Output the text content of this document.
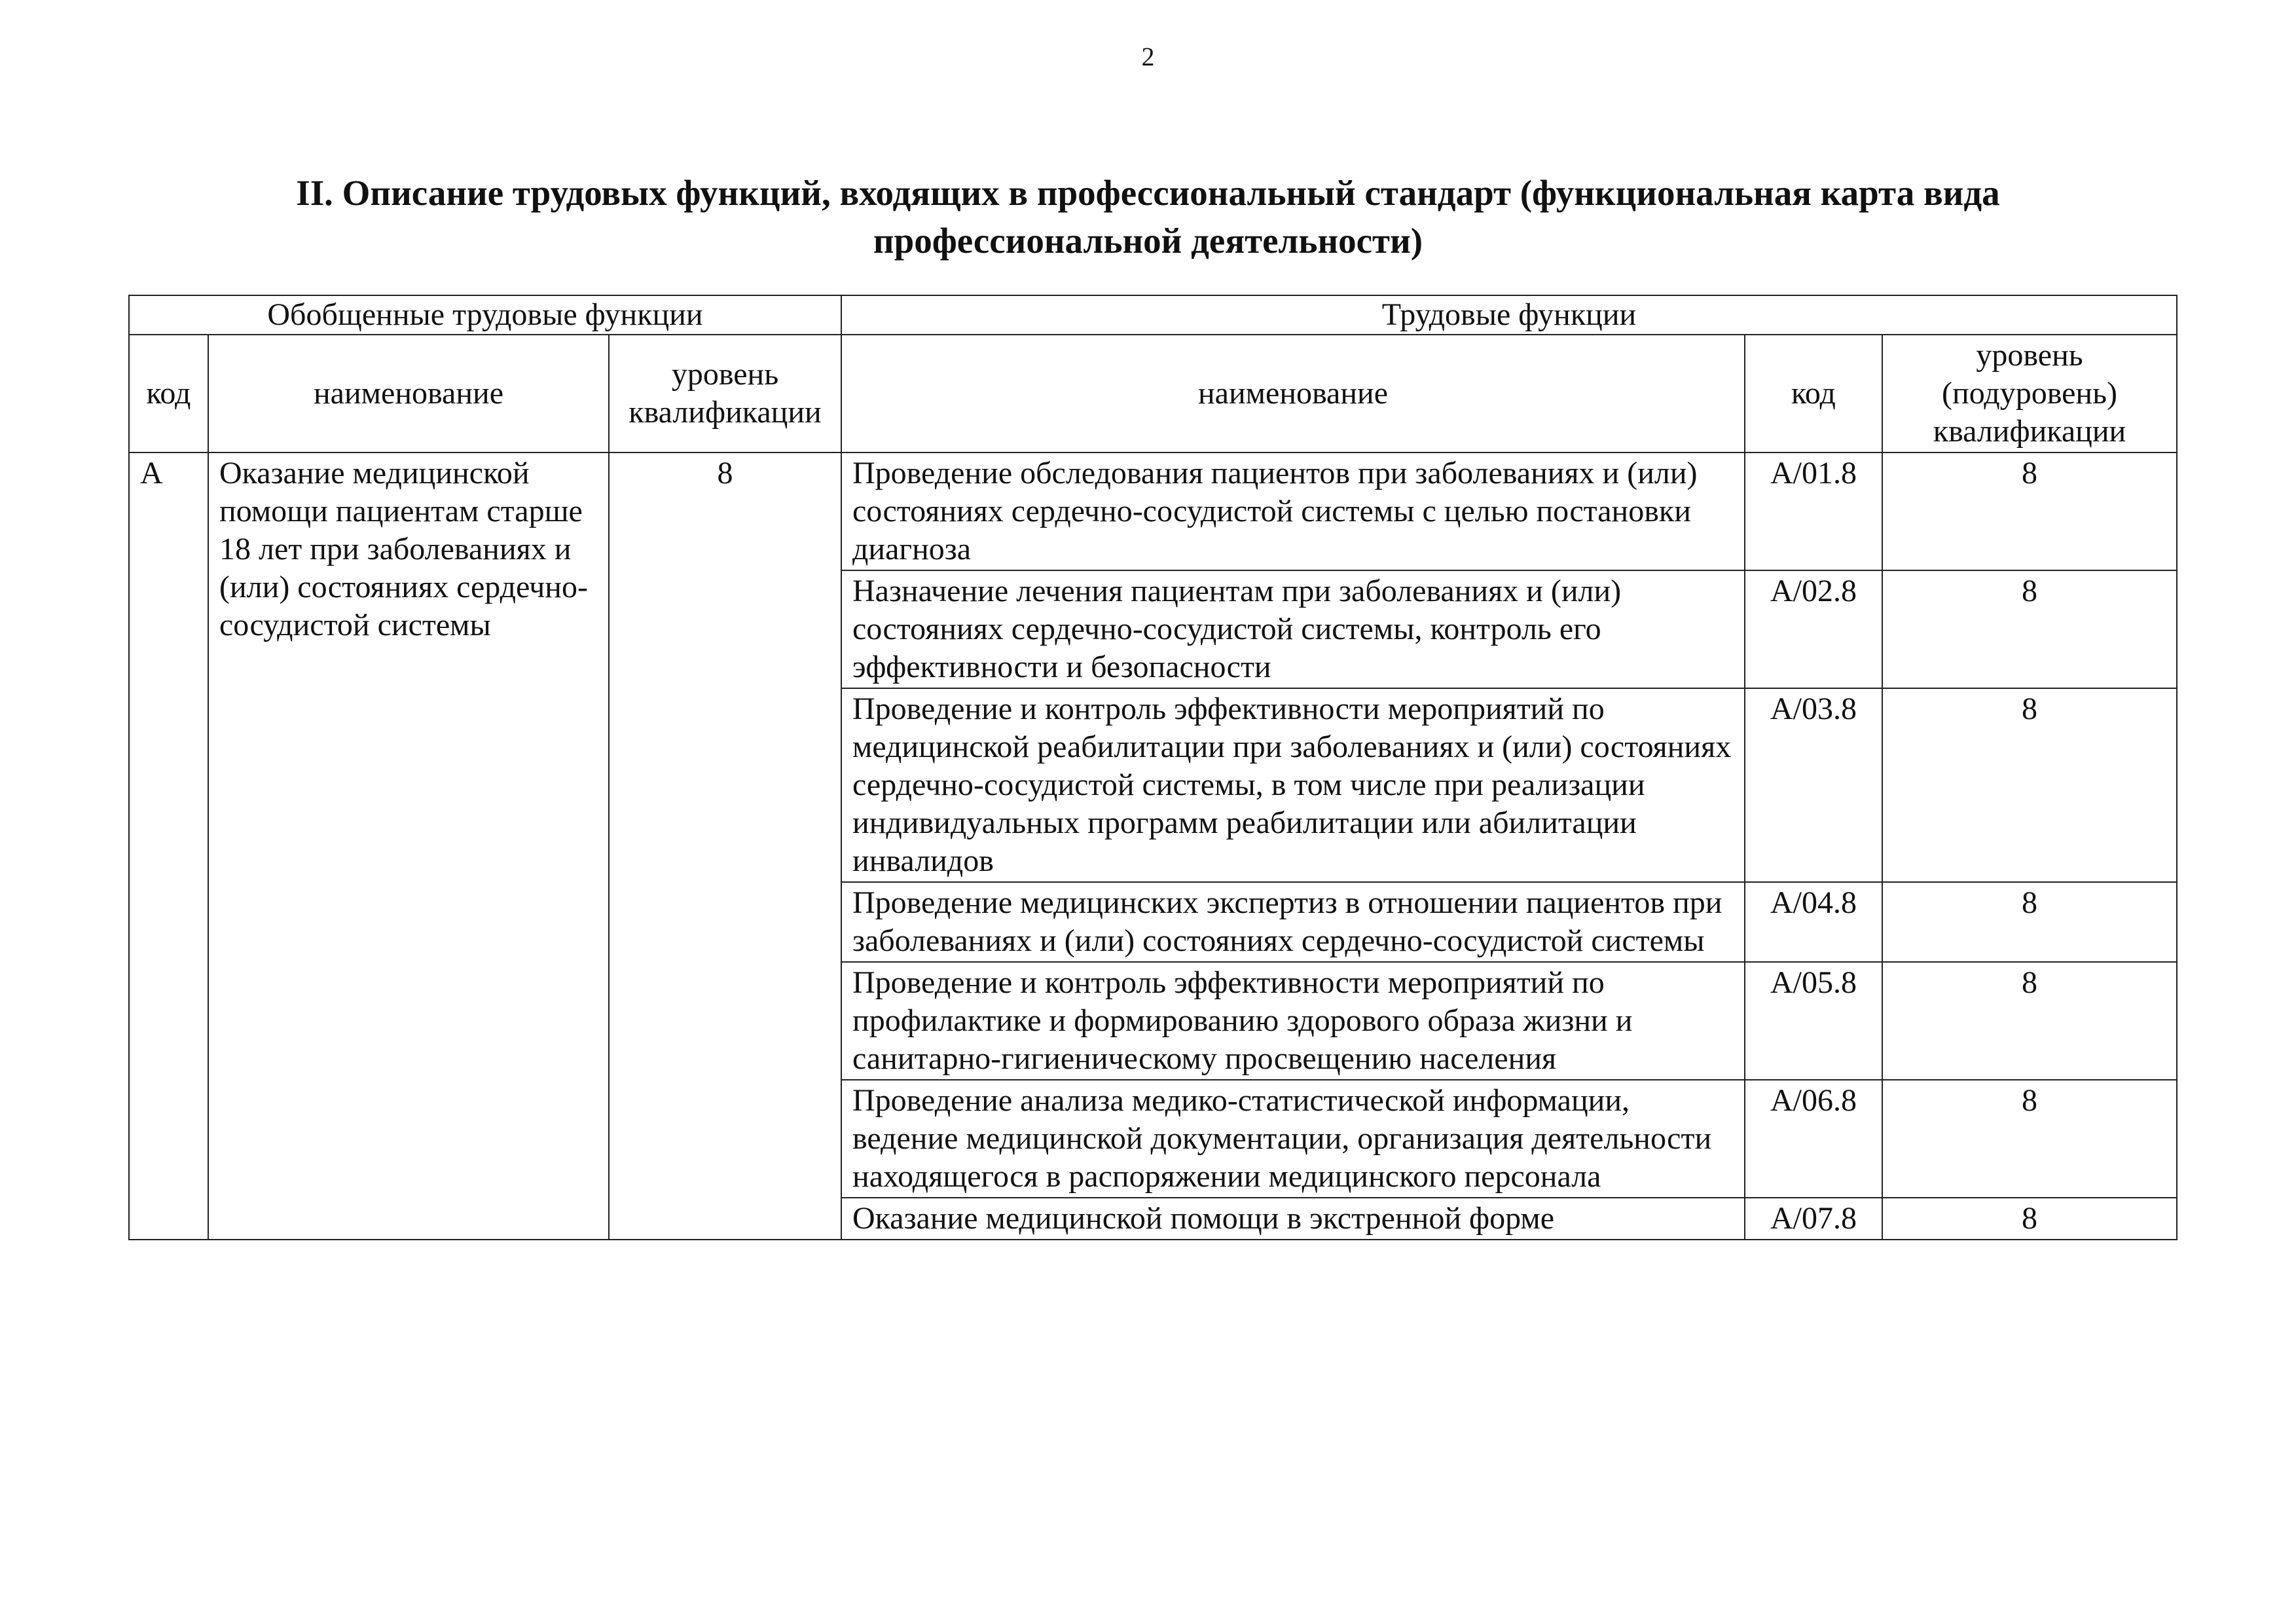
2
II. Описание трудовых функций, входящих в профессиональный стандарт (функциональная карта вида профессиональной деятельности)
Обобщенные трудовые функции			Трудовые функции		
код	наименование	уровень квалификации	наименование	код	уровень (подуровень) квалификации
А	Оказание медицинской помощи пациентам старше 18 лет при заболеваниях и (или) состояниях сердечно-сосудистой системы	8	Проведение обследования пациентов при заболеваниях и (или) состояниях сердечно-сосудистой системы с целью постановки диагноза	A/01.8	8
			Назначение лечения пациентам при заболеваниях и (или) состояниях сердечно-сосудистой системы, контроль его эффективности и безопасности	A/02.8	8
			Проведение и контроль эффективности мероприятий по медицинской реабилитации при заболеваниях и (или) состояниях сердечно-сосудистой системы, в том числе при реализации индивидуальных программ реабилитации или абилитации инвалидов	A/03.8	8
			Проведение медицинских экспертиз в отношении пациентов при заболеваниях и (или) состояниях сердечно-сосудистой системы	A/04.8	8
			Проведение и контроль эффективности мероприятий по профилактике и формированию здорового образа жизни и санитарно-гигиеническому просвещению населения	A/05.8	8
			Проведение анализа медико-статистической информации, ведение медицинской документации, организация деятельности находящегося в распоряжении медицинского персонала	A/06.8	8
			Оказание медицинской помощи в экстренной форме	A/07.8	8
